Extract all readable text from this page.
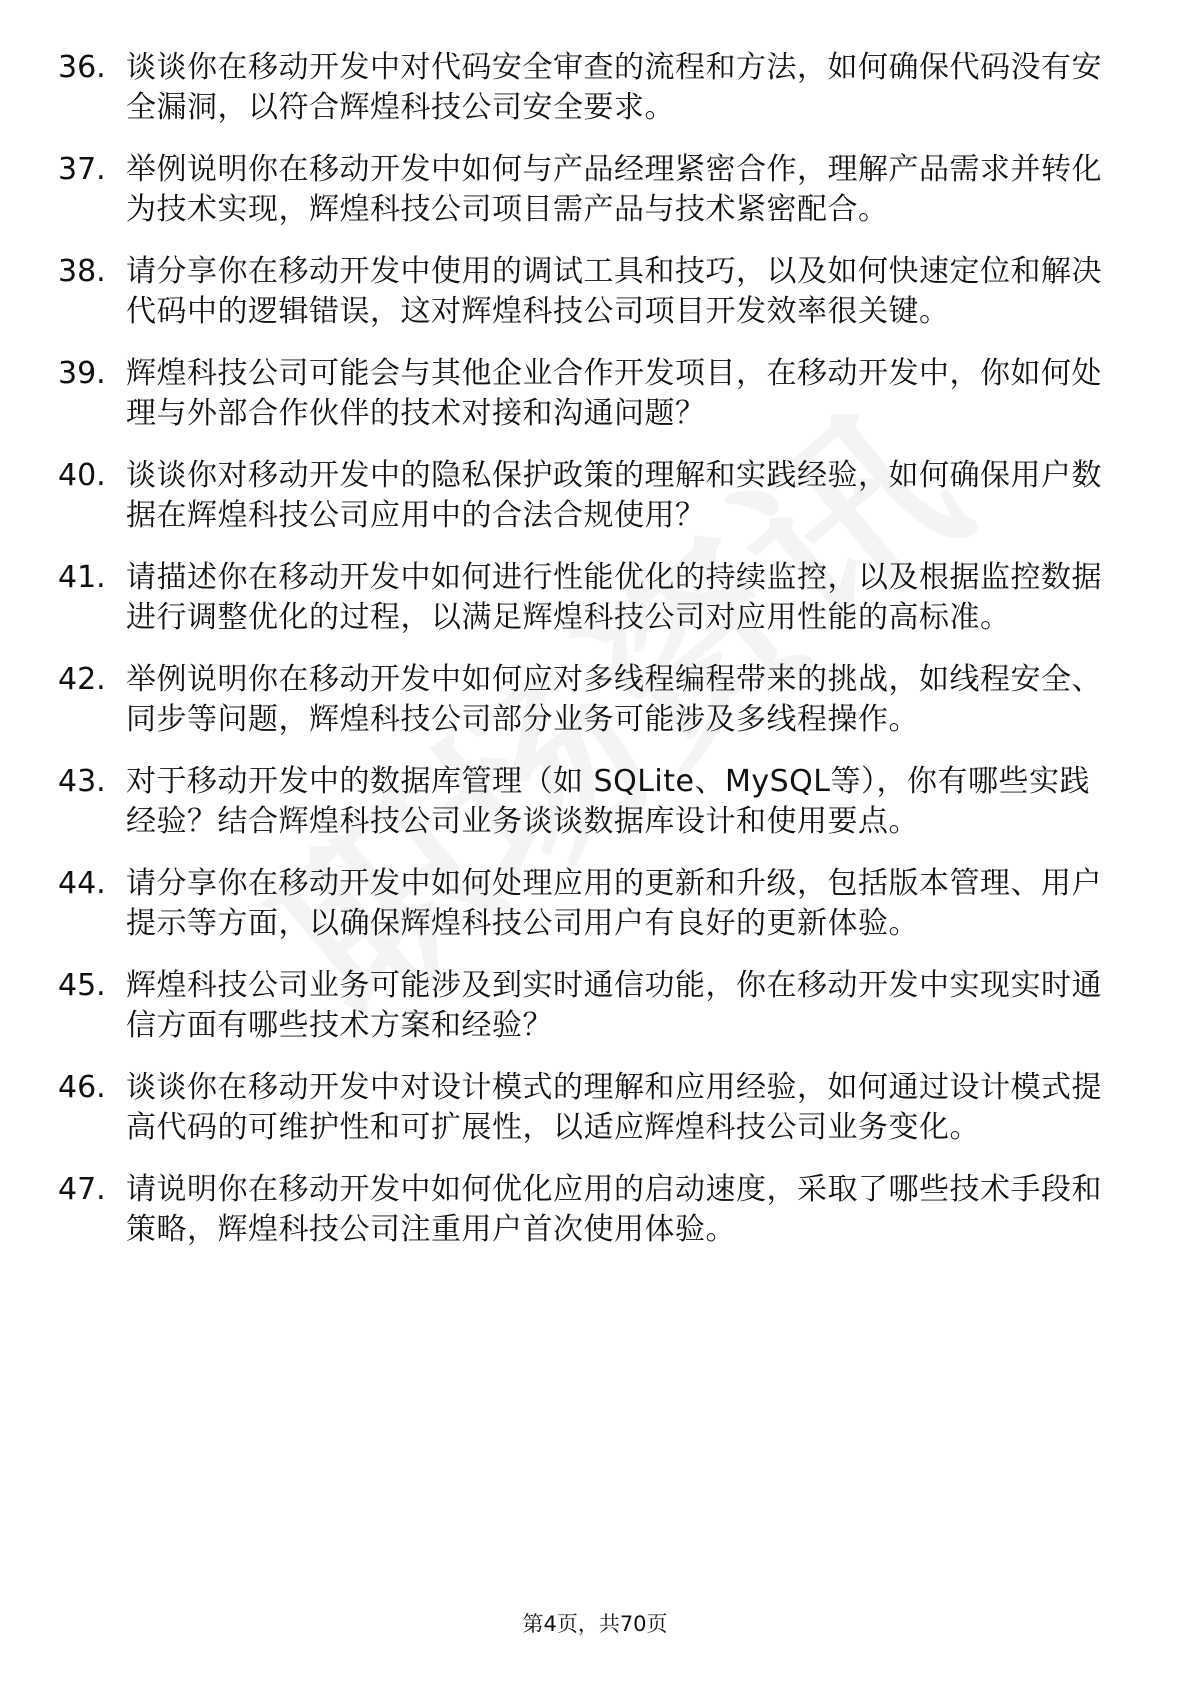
36. 谈谈你在移动开发中对代码安全审查的流程和方法，如何确保代码没有安全漏洞，以符合辉煌科技公司安全要求。
37. 举例说明你在移动开发中如何与产品经理紧密合作，理解产品需求并转化为技术实现，辉煌科技公司项目需产品与技术紧密配合。
38. 请分享你在移动开发中使用的调试工具和技巧，以及如何快速定位和解决代码中的逻辑错误，这对辉煌科技公司项目开发效率很关键。
39. 辉煌科技公司可能会与其他企业合作开发项目，在移动开发中，你如何处理与外部合作伙伴的技术对接和沟通问题？
40. 谈谈你对移动开发中的隐私保护政策的理解和实践经验，如何确保用户数据在辉煌科技公司应用中的合法合规使用？
41. 请描述你在移动开发中如何进行性能优化的持续监控，以及根据监控数据进行调整优化的过程，以满足辉煌科技公司对应用性能的高标准。
42. 举例说明你在移动开发中如何应对多线程编程带来的挑战，如线程安全、同步等问题，辉煌科技公司部分业务可能涉及多线程操作。
43. 对于移动开发中的数据库管理（如 SQLite、MySQL等），你有哪些实践经验？结合辉煌科技公司业务谈谈数据库设计和使用要点。
44. 请分享你在移动开发中如何处理应用的更新和升级，包括版本管理、用户提示等方面，以确保辉煌科技公司用户有良好的更新体验。
45. 辉煌科技公司业务可能涉及到实时通信功能，你在移动开发中实现实时通信方面有哪些技术方案和经验？
46. 谈谈你在移动开发中对设计模式的理解和应用经验，如何通过设计模式提高代码的可维护性和可扩展性，以适应辉煌科技公司业务变化。
47. 请说明你在移动开发中如何优化应用的启动速度，采取了哪些技术手段和策略，辉煌科技公司注重用户首次使用体验。
第4页，共70页
